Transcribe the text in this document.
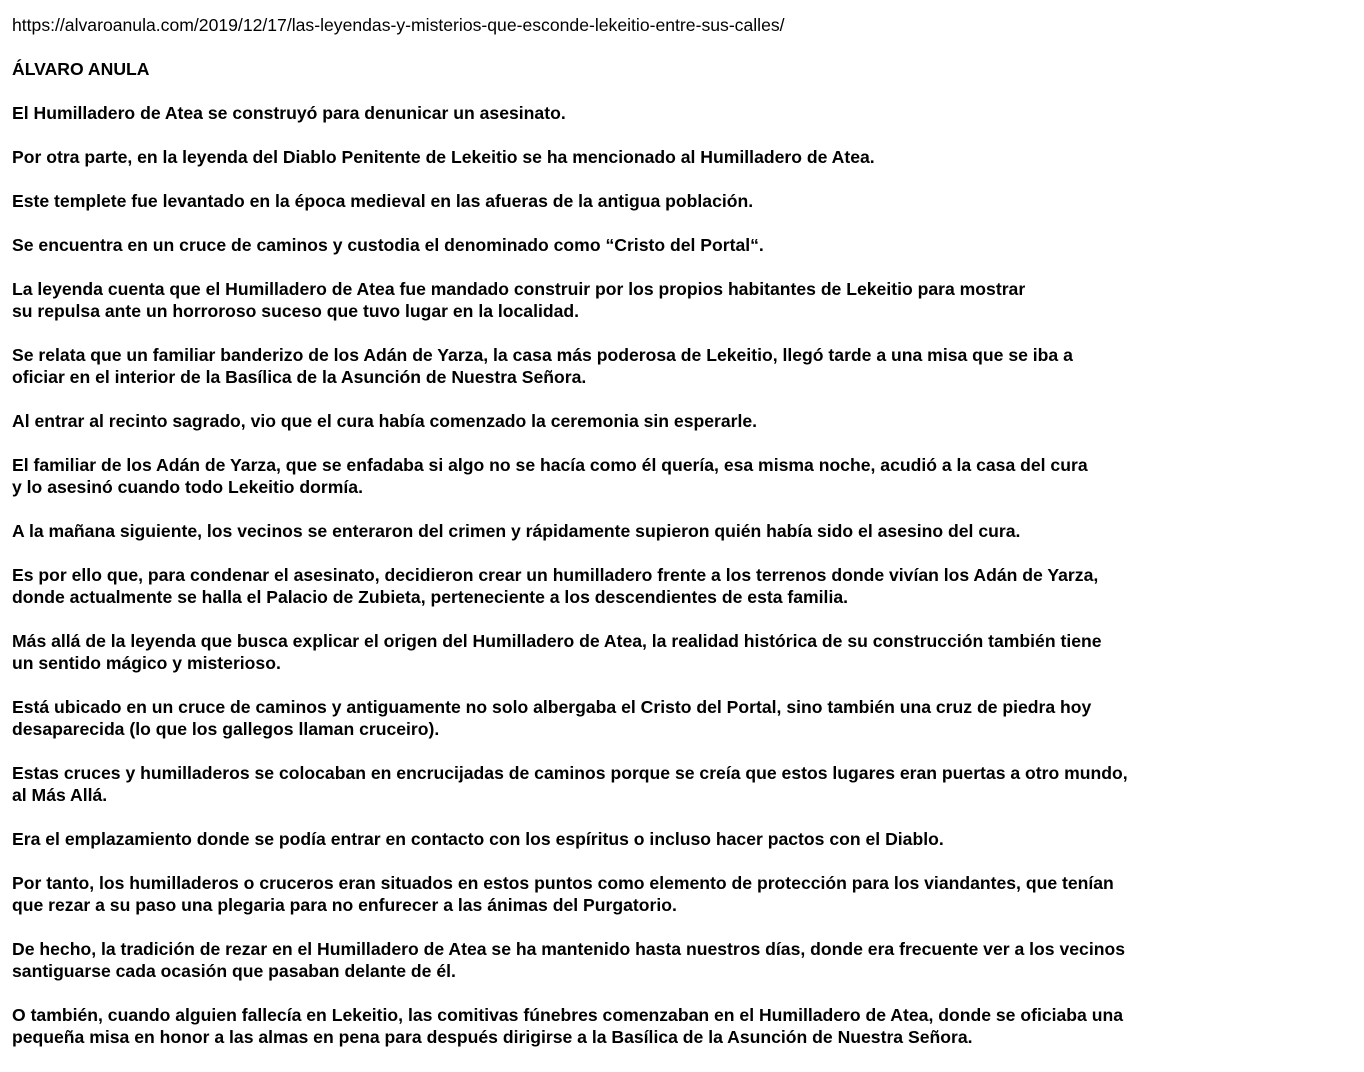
https://alvaroanula.com/2019/12/17/las-leyendas-y-misterios-que-esconde-lekeitio-entre-sus-calles/

ÁLVARO ANULA

El Humilladero de Atea se construyó para denunicar un asesinato.

Por otra parte, en la leyenda del Diablo Penitente de Lekeitio se ha mencionado al Humilladero de Atea.

Este templete fue levantado en la época medieval en las afueras de la antigua población.

Se encuentra en un cruce de caminos y custodia el denominado como “Cristo del Portal“.

La leyenda cuenta que el Humilladero de Atea fue mandado construir por los propios habitantes de Lekeitio para mostrar
su repulsa ante un horroroso suceso que tuvo lugar en la localidad.

Se relata que un familiar banderizo de los Adán de Yarza, la casa más poderosa de Lekeitio, llegó tarde a una misa que se iba a
oficiar en el interior de la Basílica de la Asunción de Nuestra Señora.

Al entrar al recinto sagrado, vio que el cura había comenzado la ceremonia sin esperarle.

El familiar de los Adán de Yarza, que se enfadaba si algo no se hacía como él quería, esa misma noche, acudió a la casa del cura
y lo asesinó cuando todo Lekeitio dormía.

A la mañana siguiente, los vecinos se enteraron del crimen y rápidamente supieron quién había sido el asesino del cura.

Es por ello que, para condenar el asesinato, decidieron crear un humilladero frente a los terrenos donde vivían los Adán de Yarza,
donde actualmente se halla el Palacio de Zubieta, perteneciente a los descendientes de esta familia.

Más allá de la leyenda que busca explicar el origen del Humilladero de Atea, la realidad histórica de su construcción también tiene
un sentido mágico y misterioso.

Está ubicado en un cruce de caminos y antiguamente no solo albergaba el Cristo del Portal, sino también una cruz de piedra hoy
desaparecida (lo que los gallegos llaman cruceiro).

Estas cruces y humilladeros se colocaban en encrucijadas de caminos porque se creía que estos lugares eran puertas a otro mundo,
al Más Allá.

Era el emplazamiento donde se podía entrar en contacto con los espíritus o incluso hacer pactos con el Diablo.

Por tanto, los humilladeros o cruceros eran situados en estos puntos como elemento de protección para los viandantes, que tenían
que rezar a su paso una plegaria para no enfurecer a las ánimas del Purgatorio.

De hecho, la tradición de rezar en el Humilladero de Atea se ha mantenido hasta nuestros días, donde era frecuente ver a los vecinos
santiguarse cada ocasión que pasaban delante de él.

O también, cuando alguien fallecía en Lekeitio, las comitivas fúnebres comenzaban en el Humilladero de Atea, donde se oficiaba una
pequeña misa en honor a las almas en pena para después dirigirse a la Basílica de la Asunción de Nuestra Señora.
